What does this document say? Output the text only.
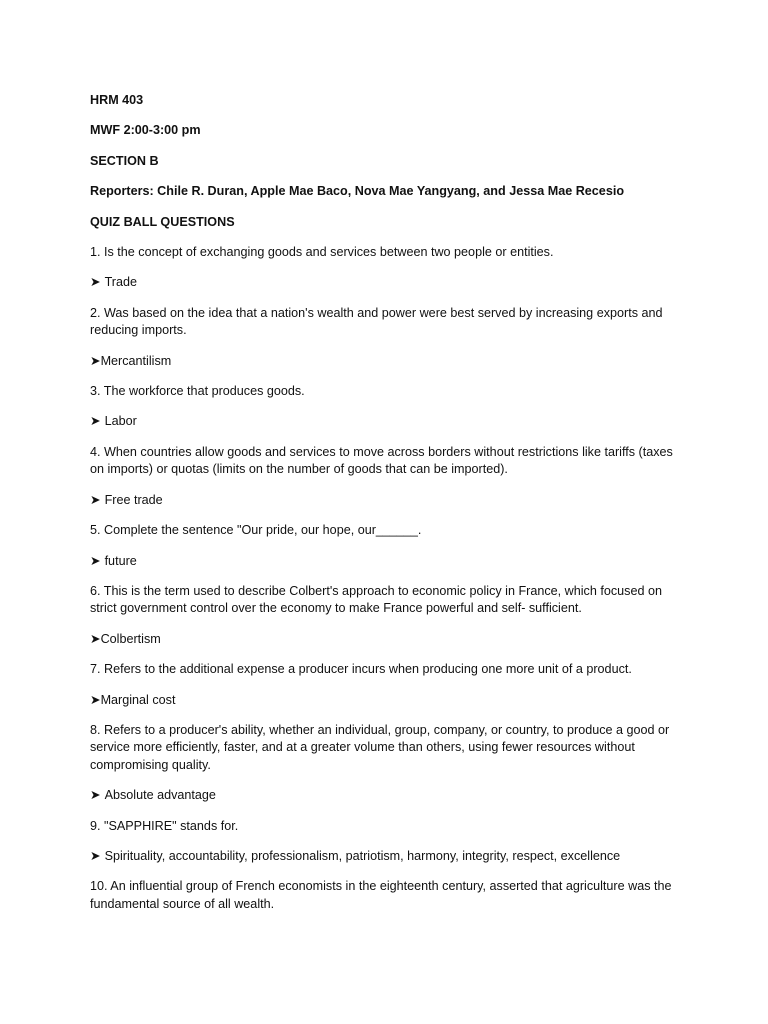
HRM 403

MWF 2:00-3:00 pm

SECTION B

Reporters: Chile R. Duran, Apple Mae Baco, Nova Mae Yangyang, and Jessa Mae Recesio

QUIZ BALL QUESTIONS

1. Is the concept of exchanging goods and services between two people or entities.

➤ Trade

2. Was based on the idea that a nation's wealth and power were best served by increasing exports and reducing imports.

➤Mercantilism

3. The workforce that produces goods.

➤ Labor

4. When countries allow goods and services to move across borders without restrictions like tariffs (taxes on imports) or quotas (limits on the number of goods that can be imported).

➤ Free trade

5. Complete the sentence "Our pride, our hope, our______.

➤ future

6. This is the term used to describe Colbert's approach to economic policy in France, which focused on strict government control over the economy to make France powerful and self- sufficient.

➤Colbertism

7. Refers to the additional expense a producer incurs when producing one more unit of a product.

➤Marginal cost

8. Refers to a producer's ability, whether an individual, group, company, or country, to produce a good or service more efficiently, faster, and at a greater volume than others, using fewer resources without compromising quality.

➤ Absolute advantage

9. "SAPPHIRE" stands for.

➤ Spirituality, accountability, professionalism, patriotism, harmony, integrity, respect, excellence

10. An influential group of French economists in the eighteenth century, asserted that agriculture was the fundamental source of all wealth.
